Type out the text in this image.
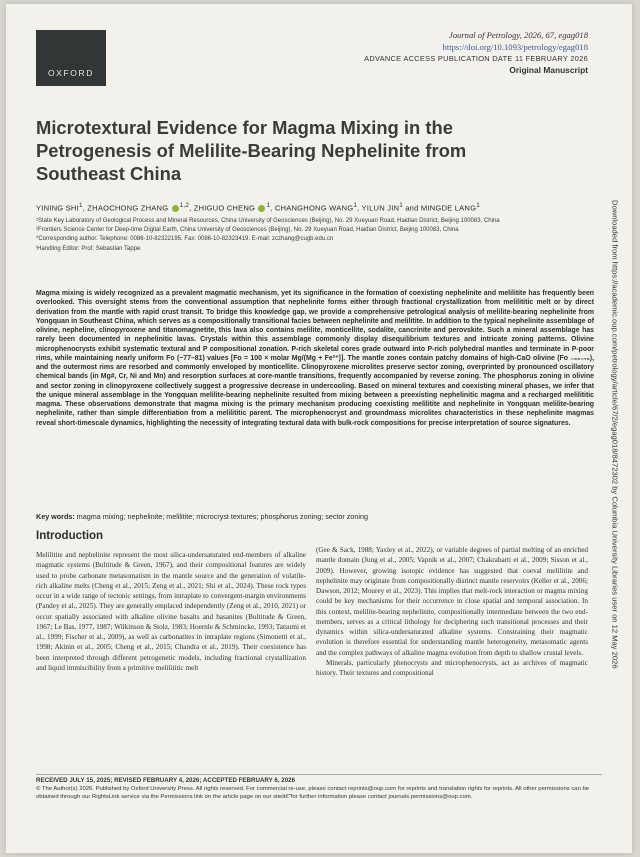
OXFORD
Journal of Petrology, 2026, 67, egag018
https://doi.org/10.1093/petrology/egag018
ADVANCE ACCESS PUBLICATION DATE 11 FEBRUARY 2026
Original Manuscript
Microtextural Evidence for Magma Mixing in the Petrogenesis of Melilite-Bearing Nephelinite from Southeast China
YINING SHI$^1$, ZHAOCHONG ZHANG $^{1,2}$, ZHIGUO CHENG $^1$, CHANGHONG WANG$^1$, YILUN JIN$^1$ and MINGDE LANG$^1$
¹State Key Laboratory of Geological Process and Mineral Resources, China University of Geosciences (Beijing), No. 29 Xueyuan Road, Haidian District, Beijing 100083, China
²Frontiers Science Center for Deep-time Digital Earth, China University of Geosciences (Beijing), No. 29 Xueyuan Road, Haidian District, Beijing 100083, China
*Corresponding author. Telephone: 0086-10-82322195. Fax: 0086-10-82323419. E-mail: zczhang@cugb.edu.cn
ⁱHandling Editor: Prof. Sebastian Tappe
Magma mixing is widely recognized as a prevalent magmatic mechanism, yet its significance in the formation of coexisting nephelinite and melilitite has frequently been overlooked. This oversight stems from the conventional assumption that nephelinite forms either through fractional crystallization from melilititic melt or by direct derivation from the mantle with rapid crust transit. To bridge this knowledge gap, we provide a comprehensive petrological analysis of melilite-bearing nephelinite from Yongquan in Southeast China, which serves as a compositionally transitional facies between nephelinite and melilitite. In addition to the typical nephelinite assemblage of olivine, nepheline, clinopyroxene and titanomagnetite, this lava also contains melilite, monticellite, sodalite, cancrinite and perovskite. Such a mineral assemblage has rarely been documented in nephelinitic lavas. Crystals within this assemblage commonly display disequilibrium textures and intricate zoning patterns. Olivine microphenocrysts exhibit systematic textural and P compositional zonation. P-rich skeletal cores grade outward into P-rich polyhedral mantles and terminate in P-poor rims, while maintaining nearly uniform Fo (~77–81) values [Fo = 100 × molar Mg/(Mg + Fe²⁺)]. The mantle zones contain patchy domains of high-CaO olivine (Fo ₋₆₅₋₇₆), and the outermost rims are resorbed and commonly enveloped by monticellite. Clinopyroxene microlites preserve sector zoning, overprinted by pronounced oscillatory chemical bands (in Mg#, Cr, Ni and Mn) and resorption surfaces at core-mantle transitions, frequently accompanied by reverse zoning. The phosphorus zoning in olivine and sector zoning in clinopyroxene collectively suggest a progressive decrease in undercooling. Based on mineral textures and coexisting mineral phases, we infer that the unique mineral assemblage in the Yongquan melilite-bearing nephelinite resulted from mixing between a preexisting nephelinitic magma and a recharged melilititic magma. These observations demonstrate that magma mixing is the primary mechanism producing coexisting melilitite and nephelinite in Yongquan melilite-bearing nephelinite, rather than simple differentiation from a melilititic parent. The microphenocryst and groundmass microlites characteristics in these nephelinite magmas reveal short-timescale dynamics, highlighting the necessity of integrating textural data with bulk-rock compositions for precise interpretation of source signatures.
Key words: magma mixing; nephelinite; melilitite; microcryst textures; phosphorus zoning; sector zoning
Introduction
Melilitite and nephelinite represent the most silica-undersaturated end-members of alkaline magmatic systems (Bultitude & Green, 1967), and their compositional features are widely used to probe carbonate metasomatism in the mantle source and the generation of volatile-rich alkaline melts (Cheng et al., 2015; Zeng et al., 2021; Shi et al., 2024). These rock types occur in a wide range of tectonic settings, from intraplate to convergent-margin environments (Pandey et al., 2025). They are generally emplaced independently (Zeng et al., 2010, 2021) or occur spatially associated with alkaline olivine basalts and basanites (Bultitude & Green, 1967; Le Bas, 1977, 1987; Wilkinson & Stolz, 1983; Hoernle & Schmincke, 1993; Tatsumi et al., 1999; Fischer et al., 2009), as well as carbonatites in intraplate regions (Simonetti et al., 1998; Akinin et al., 2005; Cheng et al., 2015; Chandra et al., 2019). Their coexistence has been interpreted through different petrogenetic models, including fractional crystallization and liquid immiscibility from a primitive melilititic melt
(Gee & Sack, 1988; Yaxley et al., 2022), or variable degrees of partial melting of an enriched mantle domain (Jung et al., 2005; Vapnik et al., 2007; Chakrabarti et al., 2009; Sisson et al., 2009). However, growing isotopic evidence has suggested that coeval melilitite and nephelinite may originate from compositionally distinct mantle reservoirs (Keller et al., 2006; Dawson, 2012; Mourey et al., 2023). This implies that melt-rock interaction or magma mixing could be key mechanisms for their occurrence in close spatial and temporal association. In this context, melilite-bearing nephelinite, compositionally intermediate between the two end-members, serves as a critical lithology for deciphering such transitional processes and their dynamics within silica-undersaturated alkaline systems. Constraining their magmatic evolution is therefore essential for understanding mantle heterogeneity, metasomatic agents and the complex pathways of alkaline magma evolution from depth to shallow crustal levels.
Minerals, particularly phenocrysts and microphenocrysts, act as archives of magmatic history. Their textures and compositional
RECEIVED JULY 15, 2025; REVISED FEBRUARY 4, 2026; ACCEPTED FEBRUARY 6, 2026
© The Author(s) 2026. Published by Oxford University Press. All rights reserved. For commercial re-use, please contact reprints@oup.com for reprints and translation rights for reprints. All other permissions can be obtained through our RightsLink service via the Permissions link on the article page on our siteâ€"for further information please contact journals.permissions@oup.com.
Downloaded from https://academic.oup.com/petrology/article/67/2/egag018/8472302 by Columbia University Libraries user on 12 May 2026
